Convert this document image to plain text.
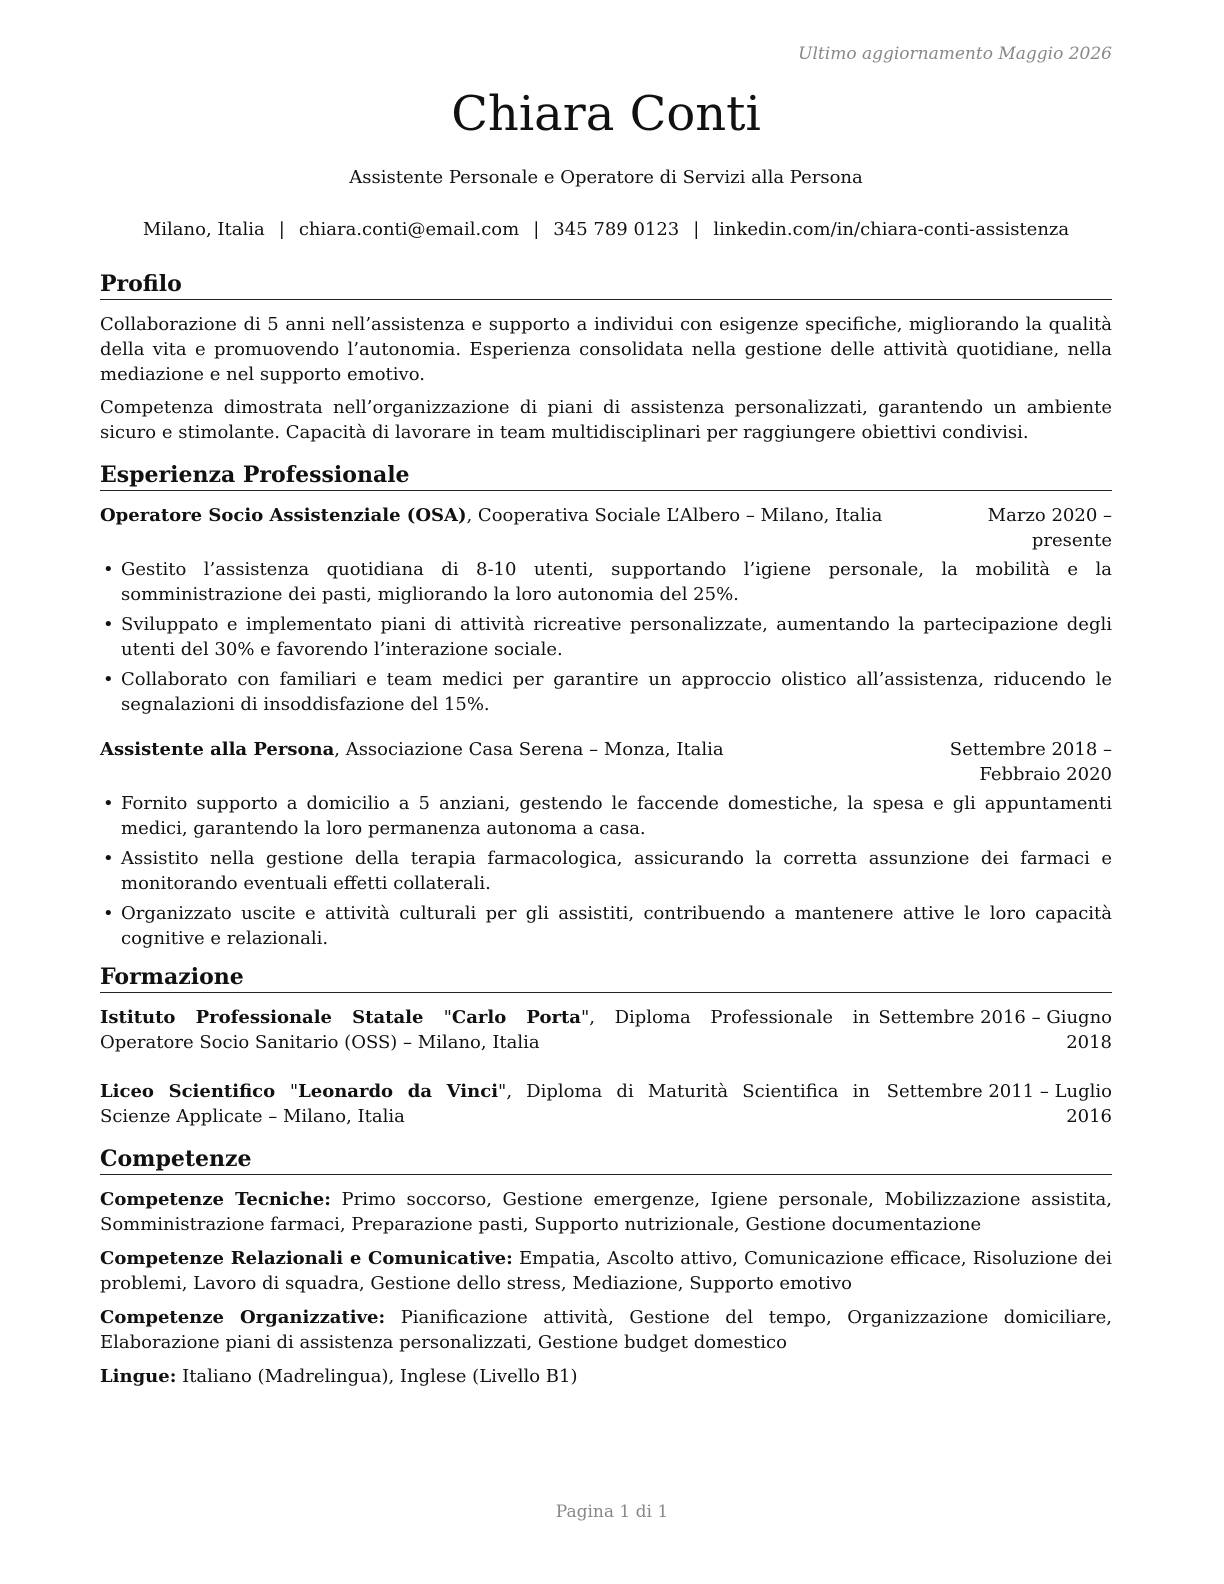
Ultimo aggiornamento Maggio 2026
Chiara Conti
Assistente Personale e Operatore di Servizi alla Persona
Milano, Italia | chiara.conti@email.com | 345 789 0123 | linkedin.com/in/chiara-conti-assistenza
Profilo

Collaborazione di 5 anni nell’assistenza e supporto a individui con esigenze specifiche, migliorando la qualità della vita e promuovendo l’autonomia. Esperienza consolidata nella gestione delle attività quotidiane, nella mediazione e nel supporto emotivo.

Competenza dimostrata nell’organizzazione di piani di assistenza personalizzati, garantendo un ambiente sicuro e stimolante. Capacità di lavorare in team multidisciplinari per raggiungere obiettivi condivisi.

Esperienza Professionale
Operatore Socio Assistenziale (OSA), Cooperativa Sociale L’Albero – Milano, Italia	Marzo 2020 – presente
• Gestito l’assistenza quotidiana di 8-10 utenti, supportando l’igiene personale, la mobilità e la somministrazione dei pasti, migliorando la loro autonomia del 25%.
• Sviluppato e implementato piani di attività ricreative personalizzate, aumentando la partecipazione degli utenti del 30% e favorendo l’interazione sociale.
• Collaborato con familiari e team medici per garantire un approccio olistico all’assistenza, riducendo le segnalazioni di insoddisfazione del 15%.
Assistente alla Persona, Associazione Casa Serena – Monza, Italia	Settembre 2018 – Febbraio 2020
• Fornito supporto a domicilio a 5 anziani, gestendo le faccende domestiche, la spesa e gli appuntamenti medici, garantendo la loro permanenza autonoma a casa.
• Assistito nella gestione della terapia farmacologica, assicurando la corretta assunzione dei farmaci e monitorando eventuali effetti collaterali.
• Organizzato uscite e attività culturali per gli assistiti, contribuendo a mantenere attive le loro capacità cognitive e relazionali.
Formazione
Istituto Professionale Statale "Carlo Porta", Diploma Professionale in Operatore Socio Sanitario (OSS) – Milano, Italia
Settembre 2016 – Giugno 2018
Liceo Scientifico "Leonardo da Vinci", Diploma di Maturità Scientifica in Scienze Applicate – Milano, Italia
Settembre 2011 – Luglio 2016
Competenze

Competenze Tecniche: Primo soccorso, Gestione emergenze, Igiene personale, Mobilizzazione assistita, Somministrazione farmaci, Preparazione pasti, Supporto nutrizionale, Gestione documentazione

Competenze Relazionali e Comunicative: Empatia, Ascolto attivo, Comunicazione efficace, Risoluzione dei problemi, Lavoro di squadra, Gestione dello stress, Mediazione, Supporto emotivo

Competenze Organizzative: Pianificazione attività, Gestione del tempo, Organizzazione domiciliare, Elaborazione piani di assistenza personalizzati, Gestione budget domestico

Lingue: Italiano (Madrelingua), Inglese (Livello B1)

Pagina 1 di 1
